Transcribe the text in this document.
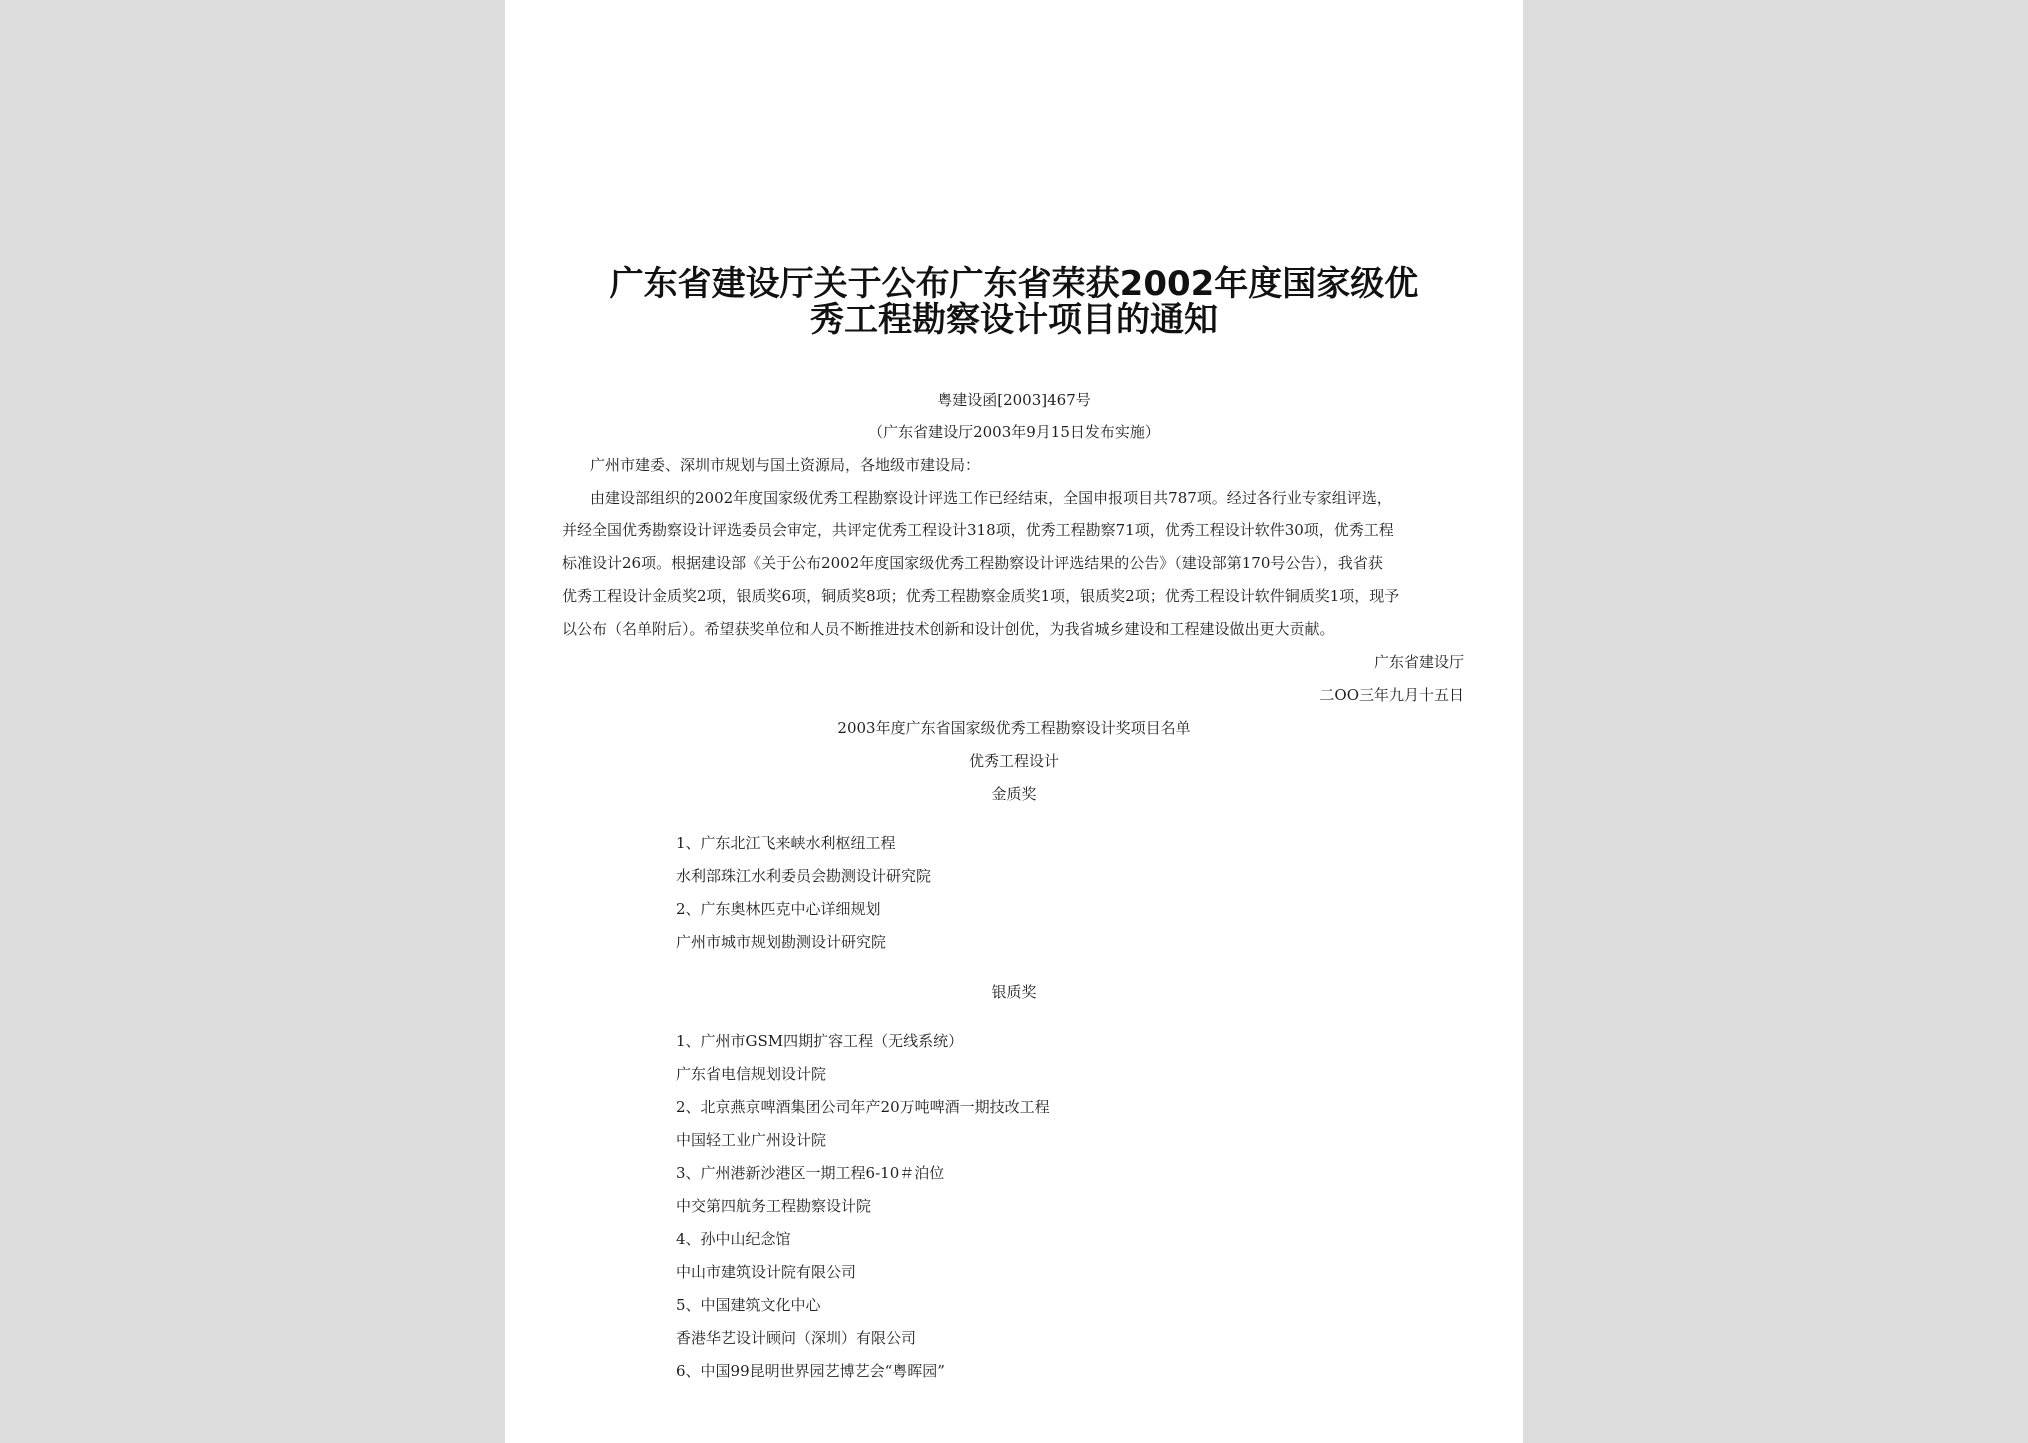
广东省建设厅关于公布广东省荣获2002年度国家级优
秀工程勘察设计项目的通知
粤建设函[2003]467号
（广东省建设厅2003年9月15日发布实施）
广州市建委、深圳市规划与国土资源局，各地级市建设局：
由建设部组织的2002年度国家级优秀工程勘察设计评选工作已经结束，全国申报项目共787项。经过各行业专家组评选，
并经全国优秀勘察设计评选委员会审定，共评定优秀工程设计318项，优秀工程勘察71项，优秀工程设计软件30项，优秀工程
标准设计26项。根据建设部《关于公布2002年度国家级优秀工程勘察设计评选结果的公告》（建设部第170号公告），我省获
优秀工程设计金质奖2项，银质奖6项，铜质奖8项；优秀工程勘察金质奖1项，银质奖2项；优秀工程设计软件铜质奖1项，现予
以公布（名单附后）。希望获奖单位和人员不断推进技术创新和设计创优，为我省城乡建设和工程建设做出更大贡献。
广东省建设厅
二OO三年九月十五日
2003年度广东省国家级优秀工程勘察设计奖项目名单
优秀工程设计
金质奖
1、广东北江飞来峡水利枢纽工程
水利部珠江水利委员会勘测设计研究院
2、广东奥林匹克中心详细规划
广州市城市规划勘测设计研究院
银质奖
1、广州市GSM四期扩容工程（无线系统）
广东省电信规划设计院
2、北京燕京啤酒集团公司年产20万吨啤酒一期技改工程
中国轻工业广州设计院
3、广州港新沙港区一期工程6-10＃泊位
中交第四航务工程勘察设计院
4、孙中山纪念馆
中山市建筑设计院有限公司
5、中国建筑文化中心
香港华艺设计顾问（深圳）有限公司
6、中国99昆明世界园艺博艺会“粤晖园”
